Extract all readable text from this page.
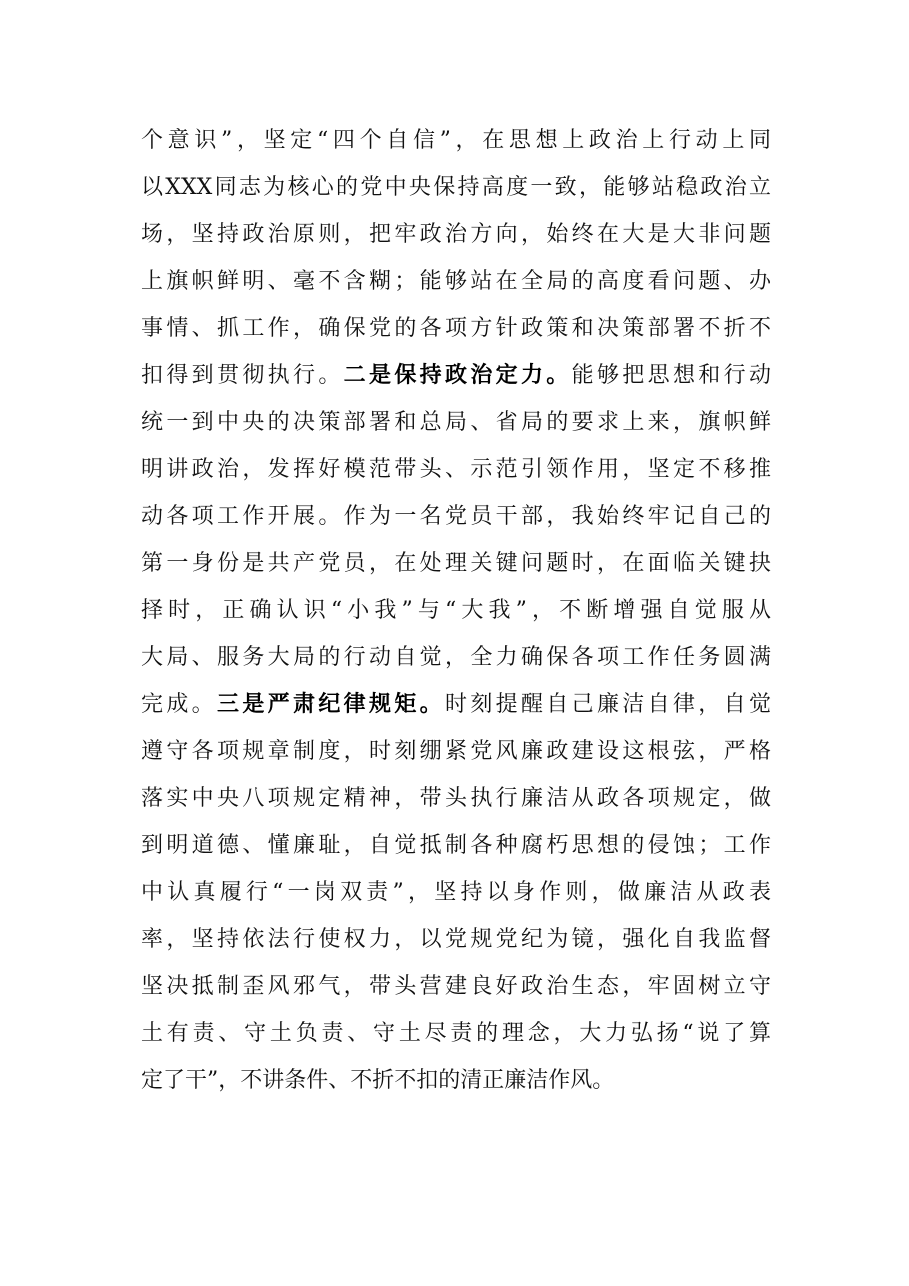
个意识”，坚定“四个自信”，在思想上政治上行动上同
以XXX同志为核心的党中央保持高度一致，能够站稳政治立
场，坚持政治原则，把牢政治方向，始终在大是大非问题
上旗帜鲜明、毫不含糊；能够站在全局的高度看问题、办
事情、抓工作，确保党的各项方针政策和决策部署不折不
扣得到贯彻执行。二是保持政治定力。能够把思想和行动
统一到中央的决策部署和总局、省局的要求上来，旗帜鲜
明讲政治，发挥好模范带头、示范引领作用，坚定不移推
动各项工作开展。作为一名党员干部，我始终牢记自己的
第一身份是共产党员，在处理关键问题时，在面临关键抉
择时，正确认识“小我”与“大我”，不断增强自觉服从
大局、服务大局的行动自觉，全力确保各项工作任务圆满
完成。三是严肃纪律规矩。时刻提醒自己廉洁自律，自觉
遵守各项规章制度，时刻绷紧党风廉政建设这根弦，严格
落实中央八项规定精神，带头执行廉洁从政各项规定，做
到明道德、懂廉耻，自觉抵制各种腐朽思想的侵蚀；工作
中认真履行“一岗双责”，坚持以身作则，做廉洁从政表
率，坚持依法行使权力，以党规党纪为镜，强化自我监督
坚决抵制歪风邪气，带头营建良好政治生态，牢固树立守
土有责、守土负责、守土尽责的理念，大力弘扬“说了算
定了干”，不讲条件、不折不扣的清正廉洁作风。
